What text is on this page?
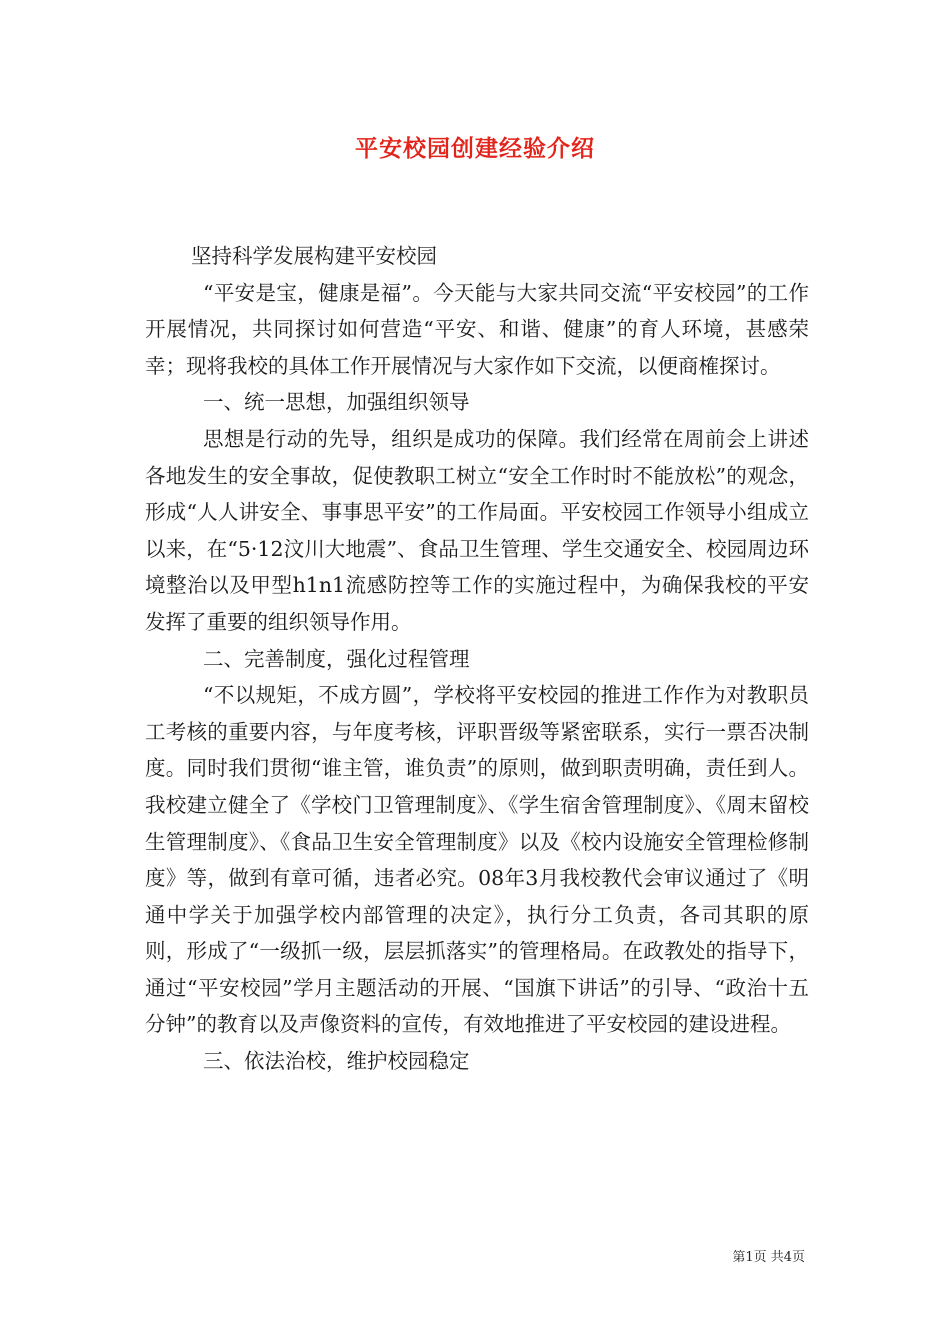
平安校园创建经验介绍

坚持科学发展构建平安校园

“平安是宝，健康是福”。今天能与大家共同交流“平安校园”的工作开展情况，共同探讨如何营造“平安、和谐、健康”的育人环境，甚感荣幸；现将我校的具体工作开展情况与大家作如下交流，以便商榷探讨。

一、统一思想，加强组织领导

思想是行动的先导，组织是成功的保障。我们经常在周前会上讲述各地发生的安全事故，促使教职工树立“安全工作时时不能放松”的观念，形成“人人讲安全、事事思平安”的工作局面。平安校园工作领导小组成立以来，在“5·12汶川大地震”、食品卫生管理、学生交通安全、校园周边环境整治以及甲型h1n1流感防控等工作的实施过程中，为确保我校的平安发挥了重要的组织领导作用。

二、完善制度，强化过程管理

“不以规矩，不成方圆”，学校将平安校园的推进工作作为对教职员工考核的重要内容，与年度考核，评职晋级等紧密联系，实行一票否决制度。同时我们贯彻“谁主管，谁负责”的原则，做到职责明确，责任到人。我校建立健全了《学校门卫管理制度》、《学生宿舍管理制度》、《周末留校生管理制度》、《食品卫生安全管理制度》以及《校内设施安全管理检修制度》等，做到有章可循，违者必究。08年3月我校教代会审议通过了《明通中学关于加强学校内部管理的决定》，执行分工负责，各司其职的原则，形成了“一级抓一级，层层抓落实”的管理格局。在政教处的指导下，通过“平安校园”学月主题活动的开展、“国旗下讲话”的引导、“政治十五分钟”的教育以及声像资料的宣传，有效地推进了平安校园的建设进程。

三、依法治校，维护校园稳定

第1页 共4页
